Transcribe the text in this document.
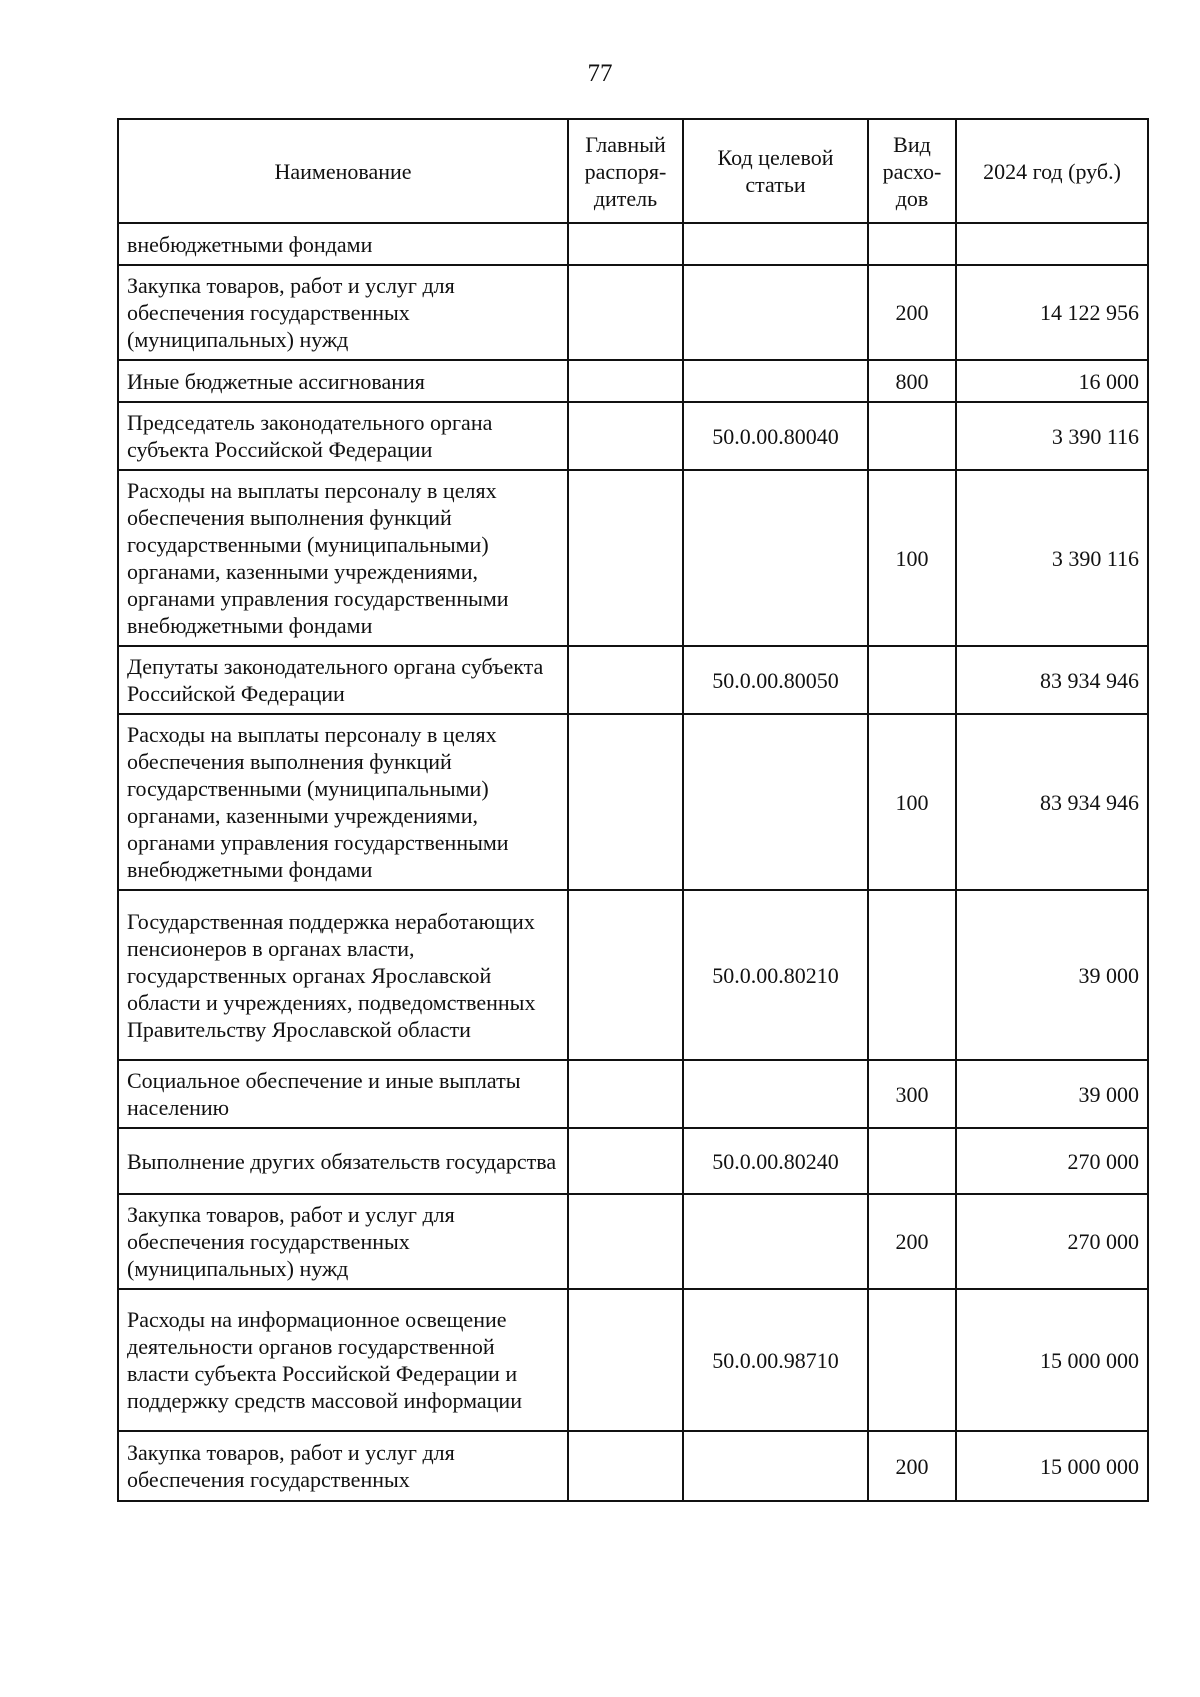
77
Наименование	Главный распоря-дитель	Код целевой статьи	Вид расхо-дов	2024 год (руб.)
внебюджетными фондами				
Закупка товаров, работ и услуг для обеспечения государственных (муниципальных) нужд			200	14 122 956
Иные бюджетные ассигнования			800	16 000
Председатель законодательного органа субъекта Российской Федерации		50.0.00.80040		3 390 116
Расходы на выплаты персоналу в целях обеспечения выполнения функций государственными (муниципальными) органами, казенными учреждениями, органами управления государственными внебюджетными фондами			100	3 390 116
Депутаты законодательного органа субъекта Российской Федерации		50.0.00.80050		83 934 946
Расходы на выплаты персоналу в целях обеспечения выполнения функций государственными (муниципальными) органами, казенными учреждениями, органами управления государственными внебюджетными фондами			100	83 934 946
Государственная поддержка неработающих пенсионеров в органах власти, государственных органах Ярославской области и учреждениях, подведомственных Правительству Ярославской области		50.0.00.80210		39 000
Социальное обеспечение и иные выплаты населению			300	39 000
Выполнение других обязательств государства		50.0.00.80240		270 000
Закупка товаров, работ и услуг для обеспечения государственных (муниципальных) нужд			200	270 000
Расходы на информационное освещение деятельности органов государственной власти субъекта Российской Федерации и поддержку средств массовой информации		50.0.00.98710		15 000 000
Закупка товаров, работ и услуг для обеспечения государственных			200	15 000 000
